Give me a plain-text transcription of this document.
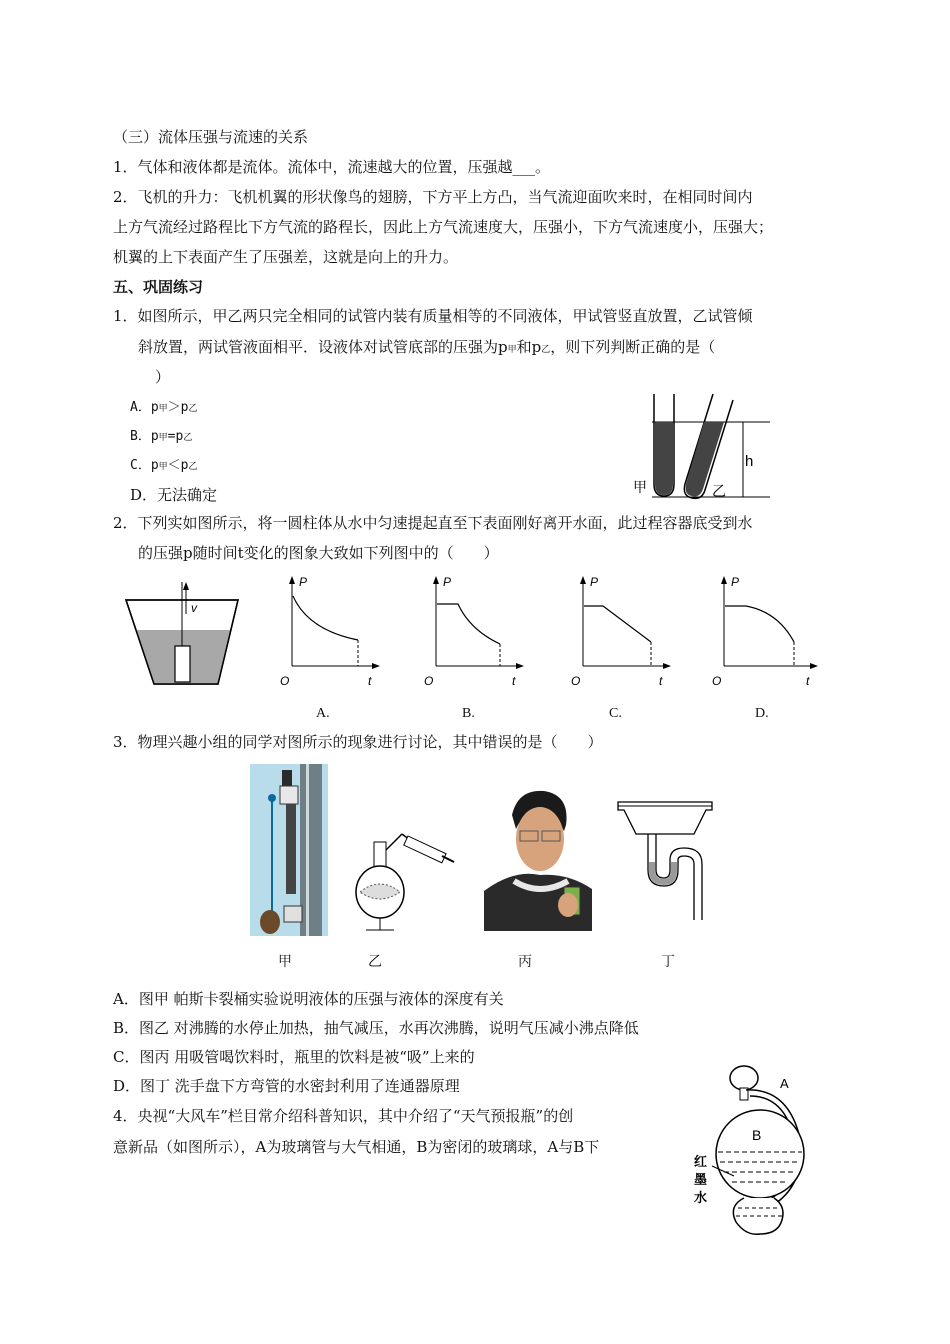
（三）流体压强与流速的关系
1．气体和液体都是流体。流体中，流速越大的位置，压强越___。
2．飞机的升力：飞机机翼的形状像鸟的翅膀，下方平上方凸，当气流迎面吹来时，在相同时间内
上方气流经过路程比下方气流的路程长，因此上方气流速度大，压强小，下方气流速度小，压强大；
机翼的上下表面产生了压强差，这就是向上的升力。
五、巩固练习
1．如图所示，甲乙两只完全相同的试管内装有质量相等的不同液体，甲试管竖直放置，乙试管倾
斜放置，两试管液面相平．设液体对试管底部的压强为p甲和p乙，则下列判断正确的是（
）
A．p甲＞p乙
B．p甲=p乙
C．p甲＜p乙
D．无法确定
h
甲	乙
2．下列实如图所示，将一圆柱体从水中匀速提起直至下表面刚好离开水面，此过程容器底受到水
的压强p随时间t变化的图象大致如下列图中的（　　）
v
P
O	t
P
O	t
P
O	t
P
O	t
A.	B.	C.	D.
3．物理兴趣小组的同学对图所示的现象进行讨论，其中错误的是（　　）
甲	乙	丙	丁
A．图甲 帕斯卡裂桶实验说明液体的压强与液体的深度有关
B．图乙 对沸腾的水停止加热，抽气减压，水再次沸腾，说明气压减小沸点降低
C．图丙 用吸管喝饮料时，瓶里的饮料是被“吸”上来的
D．图丁 洗手盘下方弯管的水密封利用了连通器原理
4．央视“大风车”栏目常介绍科普知识，其中介绍了“天气预报瓶”的创
意新品（如图所示），A为玻璃管与大气相通，B为密闭的玻璃球，A与B下
A
B
红
墨
水
